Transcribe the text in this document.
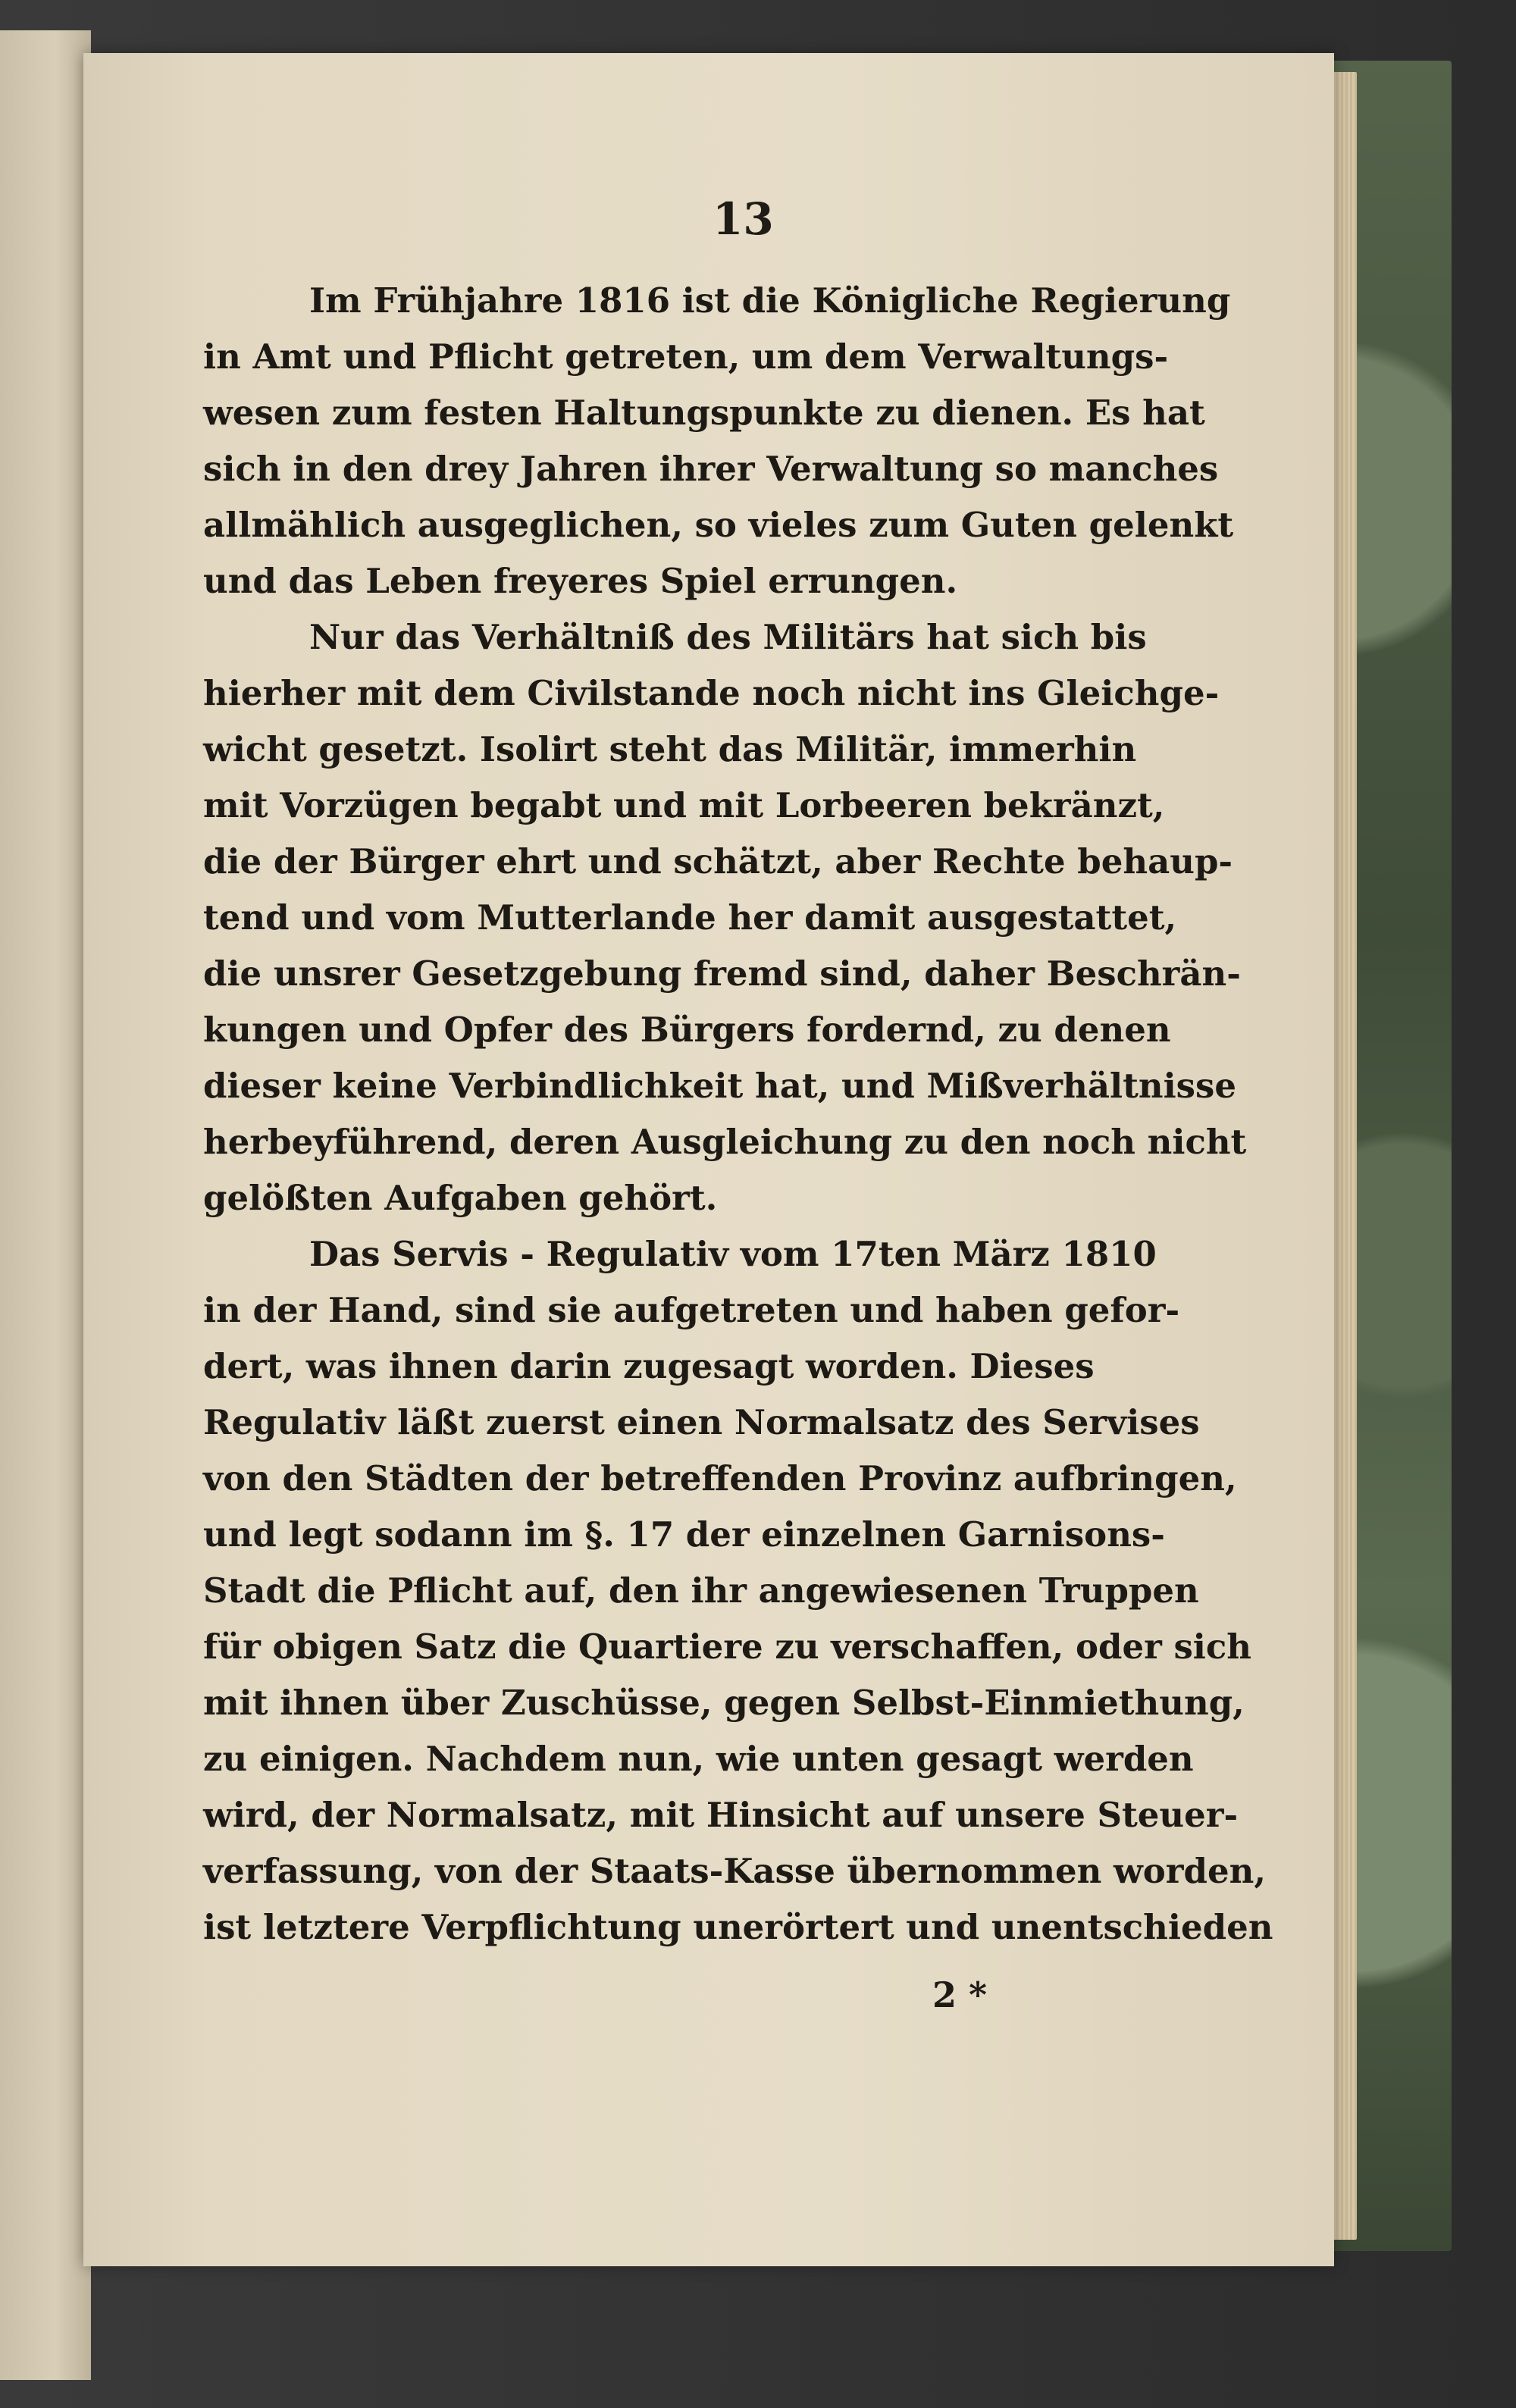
13
Im Frühjahre 1816 ist die Königliche Regierung
in Amt und Pflicht getreten, um dem Verwaltungs-
wesen zum festen Haltungspunkte zu dienen. Es hat
sich in den drey Jahren ihrer Verwaltung so manches
allmählich ausgeglichen, so vieles zum Guten gelenkt
und das Leben freyeres Spiel errungen.
Nur das Verhältniß des Militärs hat sich bis
hierher mit dem Civilstande noch nicht ins Gleichge-
wicht gesetzt. Isolirt steht das Militär, immerhin
mit Vorzügen begabt und mit Lorbeeren bekränzt,
die der Bürger ehrt und schätzt, aber Rechte behaup-
tend und vom Mutterlande her damit ausgestattet,
die unsrer Gesetzgebung fremd sind, daher Beschrän-
kungen und Opfer des Bürgers fordernd, zu denen
dieser keine Verbindlichkeit hat, und Mißverhältnisse
herbeyführend, deren Ausgleichung zu den noch nicht
gelößten Aufgaben gehört.
Das Servis - Regulativ vom 17ten März 1810
in der Hand, sind sie aufgetreten und haben gefor-
dert, was ihnen darin zugesagt worden. Dieses
Regulativ läßt zuerst einen Normalsatz des Servises
von den Städten der betreffenden Provinz aufbringen,
und legt sodann im §. 17 der einzelnen Garnisons-
Stadt die Pflicht auf, den ihr angewiesenen Truppen
für obigen Satz die Quartiere zu verschaffen, oder sich
mit ihnen über Zuschüsse, gegen Selbst-Einmiethung,
zu einigen. Nachdem nun, wie unten gesagt werden
wird, der Normalsatz, mit Hinsicht auf unsere Steuer-
verfassung, von der Staats-Kasse übernommen worden,
ist letztere Verpflichtung unerörtert und unentschieden
2 *
